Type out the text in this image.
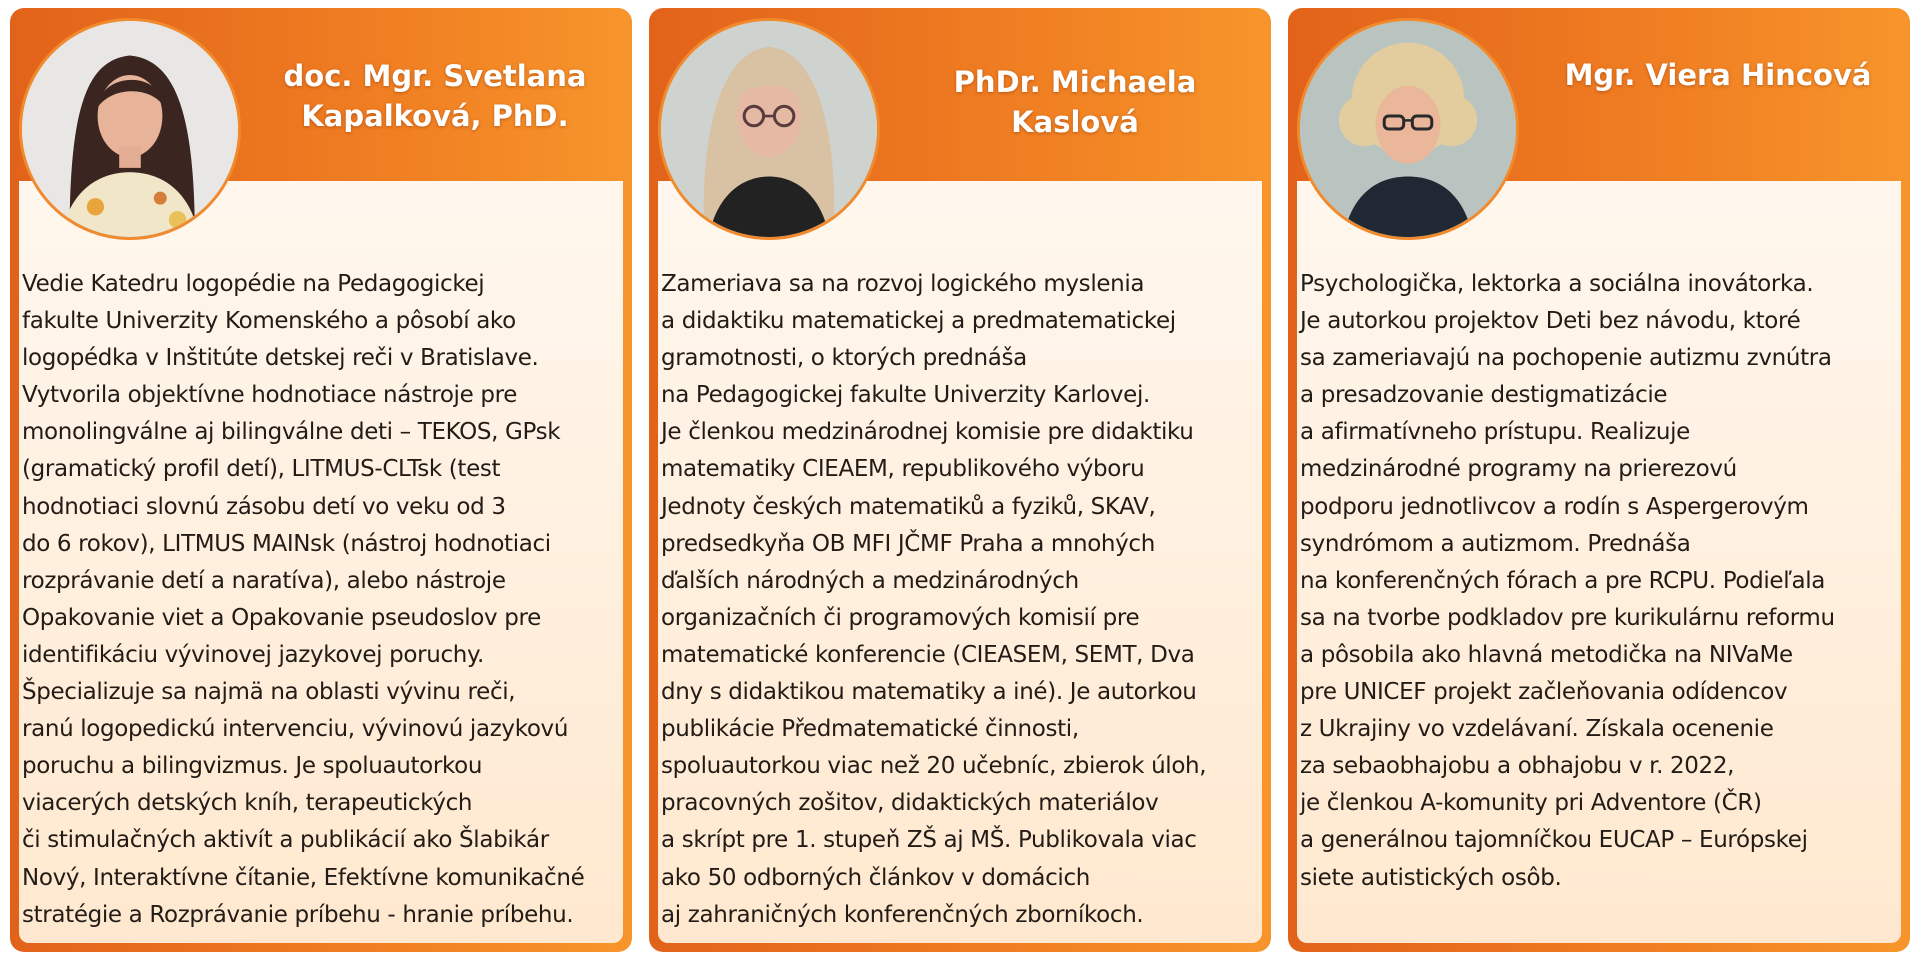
doc. Mgr. Svetlana
Kapalková, PhD.
Vedie Katedru logopédie na Pedagogickej
fakulte Univerzity Komenského a pôsobí ako
logopédka v Inštitúte detskej reči v Bratislave.
Vytvorila objektívne hodnotiace nástroje pre
monolingválne aj bilingválne deti – TEKOS, GPsk
(gramatický profil detí), LITMUS-CLTsk (test
hodnotiaci slovnú zásobu detí vo veku od 3
do 6 rokov), LITMUS MAINsk (nástroj hodnotiaci
rozprávanie detí a naratíva), alebo nástroje
Opakovanie viet a Opakovanie pseudoslov pre
identifikáciu vývinovej jazykovej poruchy.
Špecializuje sa najmä na oblasti vývinu reči,
ranú logopedickú intervenciu, vývinovú jazykovú
poruchu a bilingvizmus. Je spoluautorkou
viacerých detských kníh, terapeutických
či stimulačných aktivít a publikácií ako Šlabikár
Nový, Interaktívne čítanie, Efektívne komunikačné
stratégie a Rozprávanie príbehu - hranie príbehu.
PhDr. Michaela Kaslová
Zameriava sa na rozvoj logického myslenia
a didaktiku matematickej a predmatematickej
gramotnosti, o ktorých prednáša
na Pedagogickej fakulte Univerzity Karlovej.
Je členkou medzinárodnej komisie pre didaktiku
matematiky CIEAEM, republikového výboru
Jednoty českých matematiků a fyziků, SKAV,
predsedkyňa OB MFI JČMF Praha a mnohých
ďalších národných a medzinárodných
organizačních či programových komisií pre
matematické konferencie (CIEASEM, SEMT, Dva
dny s didaktikou matematiky a iné). Je autorkou
publikácie Předmatematické činnosti,
spoluautorkou viac než 20 učebníc, zbierok úloh,
pracovných zošitov, didaktických materiálov
a skrípt pre 1. stupeň ZŠ aj MŠ. Publikovala viac
ako 50 odborných článkov v domácich
aj zahraničných konferenčných zborníkoch.
Mgr. Viera Hincová
Psychologička, lektorka a sociálna inovátorka.
Je autorkou projektov Deti bez návodu, ktoré
sa zameriavajú na pochopenie autizmu zvnútra
a presadzovanie destigmatizácie
a afirmatívneho prístupu. Realizuje
medzinárodné programy na prierezovú
podporu jednotlivcov a rodín s Aspergerovým
syndrómom a autizmom. Prednáša
na konferenčných fórach a pre RCPU. Podieľala
sa na tvorbe podkladov pre kurikulárnu reformu
a pôsobila ako hlavná metodička na NIVaMe
pre UNICEF projekt začleňovania odídencov
z Ukrajiny vo vzdelávaní. Získala ocenenie
za sebaobhajobu a obhajobu v r. 2022,
je členkou A-komunity pri Adventore (ČR)
a generálnou tajomníčkou EUCAP – Európskej
siete autistických osôb.
